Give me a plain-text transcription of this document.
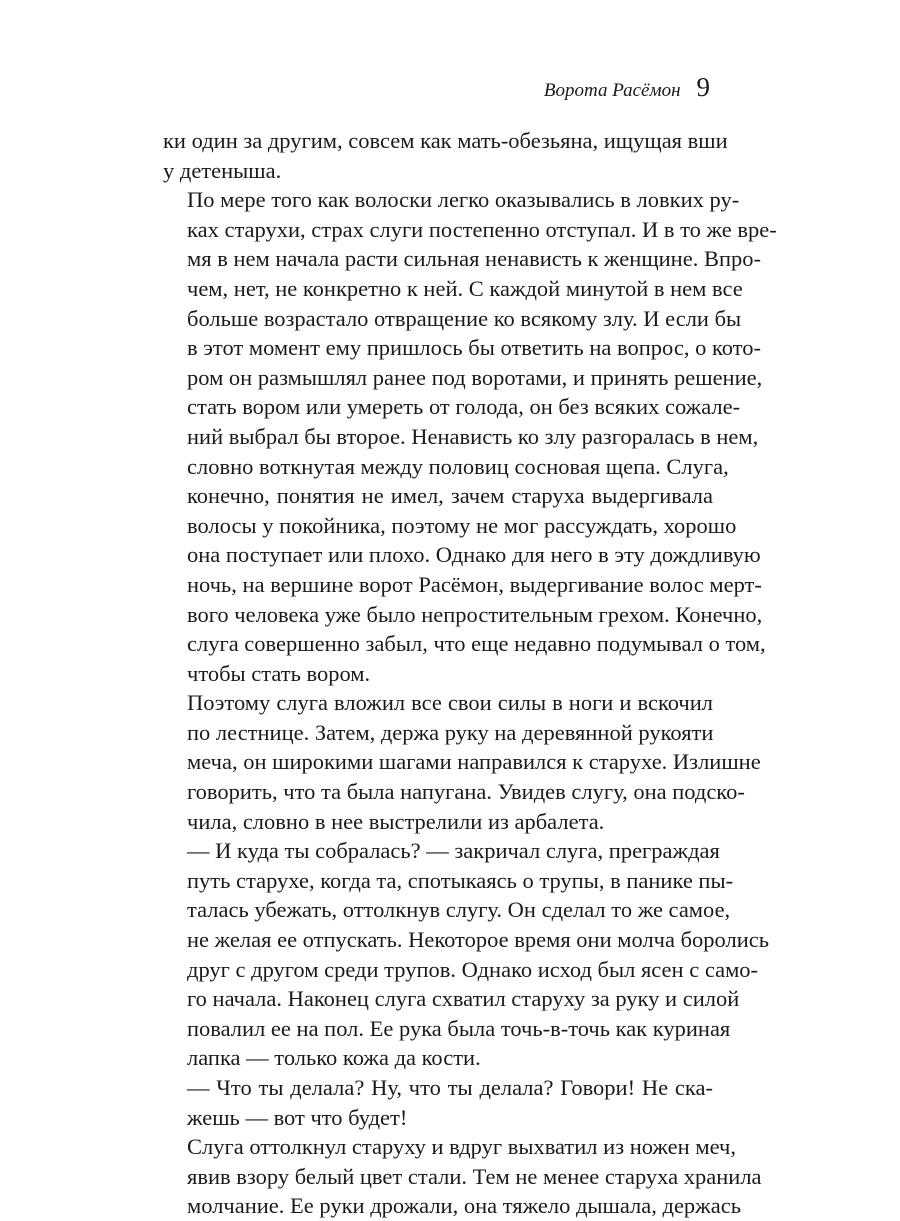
Ворота Расёмон 9

ки один за другим, совсем как мать-обезьяна, ищущая вши
у детеныша.

По мере того как волоски легко оказывались в ловких ру-
ках старухи, страх слуги постепенно отступал. И в то же вре-
мя в нем начала расти сильная ненависть к женщине. Впро-
чем, нет, не конкретно к ней. С каждой минутой в нем все
больше возрастало отвращение ко всякому злу. И если бы
в этот момент ему пришлось бы ответить на вопрос, о кото-
ром он размышлял ранее под воротами, и принять решение,
стать вором или умереть от голода, он без всяких сожале-
ний выбрал бы второе. Ненависть ко злу разгоралась в нем,
словно воткнутая между половиц сосновая щепа. Слуга,
конечно, понятия не имел, зачем старуха выдергивала
волосы у покойника, поэтому не мог рассуждать, хорошо
она поступает или плохо. Однако для него в эту дождливую
ночь, на вершине ворот Расёмон, выдергивание волос мерт-
вого человека уже было непростительным грехом. Конечно,
слуга совершенно забыл, что еще недавно подумывал о том,
чтобы стать вором.

Поэтому слуга вложил все свои силы в ноги и вскочил
по лестнице. Затем, держа руку на деревянной рукояти
меча, он широкими шагами направился к старухе. Излишне
говорить, что та была напугана. Увидев слугу, она подско-
чила, словно в нее выстрелили из арбалета.

— И куда ты собралась? — закричал слуга, преграждая
путь старухе, когда та, спотыкаясь о трупы, в панике пы-
талась убежать, оттолкнув слугу. Он сделал то же самое,
не желая ее отпускать. Некоторое время они молча боролись
друг с другом среди трупов. Однако исход был ясен с само-
го начала. Наконец слуга схватил старуху за руку и силой
повалил ее на пол. Ее рука была точь-в-точь как куриная
лапка — только кожа да кости.

— Что ты делала? Ну, что ты делала? Говори! Не ска-
жешь — вот что будет!

Слуга оттолкнул старуху и вдруг выхватил из ножен меч,
явив взору белый цвет стали. Тем не менее старуха хранила
молчание. Ее руки дрожали, она тяжело дышала, держась
